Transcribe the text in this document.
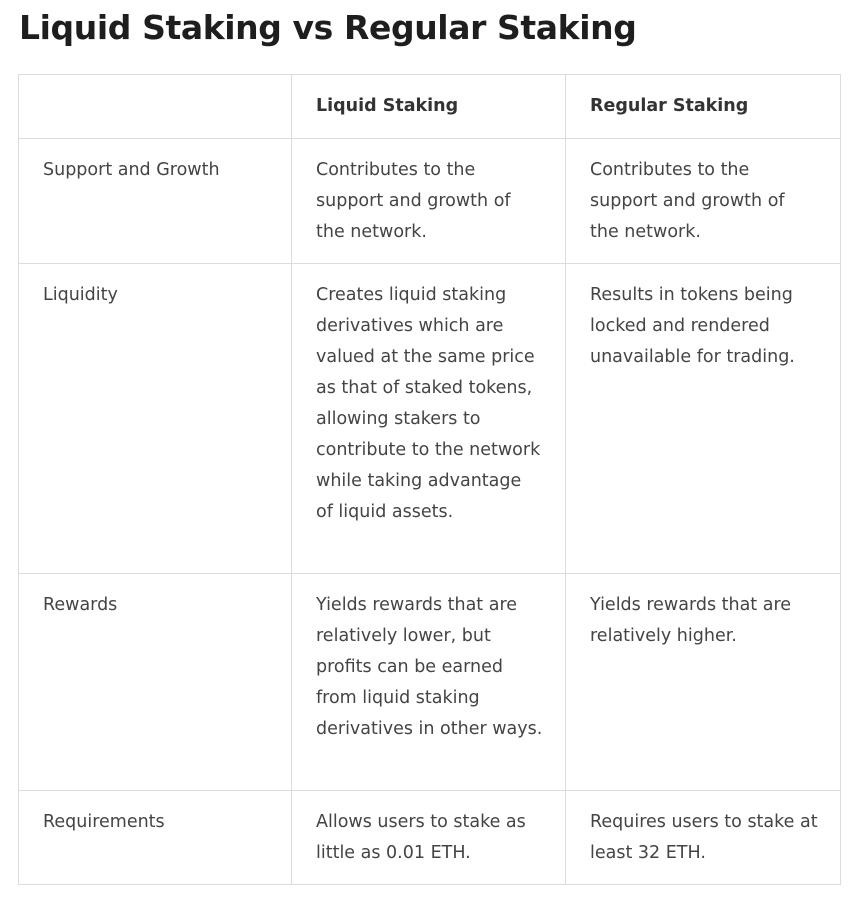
Liquid Staking vs Regular Staking
	Liquid Staking	Regular Staking
Support and Growth	Contributes to the support and growth of the network.	Contributes to the support and growth of the network.
Liquidity	Creates liquid staking derivatives which are valued at the same price as that of staked tokens, allowing stakers to contribute to the network while taking advantage of liquid assets.	Results in tokens being locked and rendered unavailable for trading.
Rewards	Yields rewards that are relatively lower, but profits can be earned from liquid staking derivatives in other ways.	Yields rewards that are relatively higher.
Requirements	Allows users to stake as little as 0.01 ETH.	Requires users to stake at least 32 ETH.
